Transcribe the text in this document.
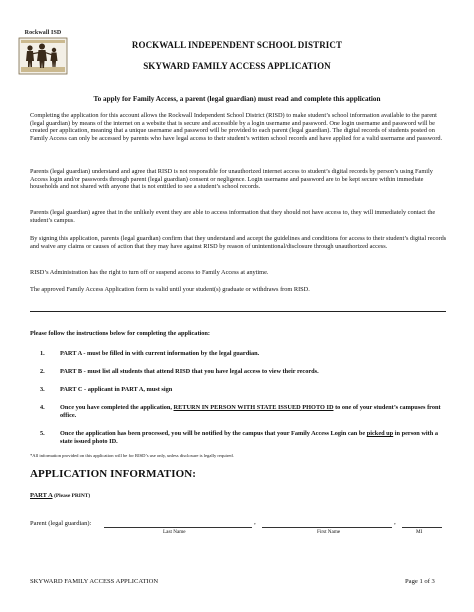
Rockwall ISD
ROCKWALL INDEPENDENT SCHOOL DISTRICT
SKYWARD FAMILY ACCESS APPLICATION
To apply for Family Access, a parent (legal guardian) must read and complete this application
Completing the application for this account allows the Rockwall Independent School District (RISD) to make student’s school information available to the parent (legal guardian) by means of the internet on a website that is secure and accessible by a login username and password. One login username and password will be created per application, meaning that a unique username and password will be provided to each parent (legal guardian). The digital records of students posted on Family Access can only be accessed by parents who have legal access to their student’s written school records and have applied for a valid username and password.
Parents (legal guardian) understand and agree that RISD is not responsible for unauthorized internet access to student’s digital records by person’s using Family Access login and/or passwords through parent (legal guardian) consent or negligence. Login username and password are to be kept secure within immediate households and not shared with anyone that is not entitled to see a student’s school records.
Parents (legal guardian) agree that in the unlikely event they are able to access information that they should not have access to, they will immediately contact the student’s campus.
By signing this application, parents (legal guardian) confirm that they understand and accept the guidelines and conditions for access to their student’s digital records and waive any claims or causes of action that they may have against RISD by reason of unintentional/disclosure through unauthorized access.
RISD’s Administration has the right to turn off or suspend access to Family Access at anytime.
The approved Family Access Application form is valid until your student(s) graduate or withdraws from RISD.
Please follow the instructions below for completing the application:
1. PART A - must be filled in with current information by the legal guardian.
2. PART B - must list all students that attend RISD that you have legal access to view their records.
3. PART C - applicant in PART A, must sign
4. Once you have completed the application, RETURN IN PERSON WITH STATE ISSUED PHOTO ID to one of your student’s campuses front office.
5. Once the application has been processed, you will be notified by the campus that your Family Access Login can be picked up in person with a state issued photo ID.
*All information provided on this application will be for RISD’s use only, unless disclosure is legally required.
APPLICATION INFORMATION:
PART A (Please PRINT)
Parent (legal guardian):	,	,
Last Name	First Name	MI
SKYWARD FAMILY ACCESS APPLICATION	Page 1 of 3
